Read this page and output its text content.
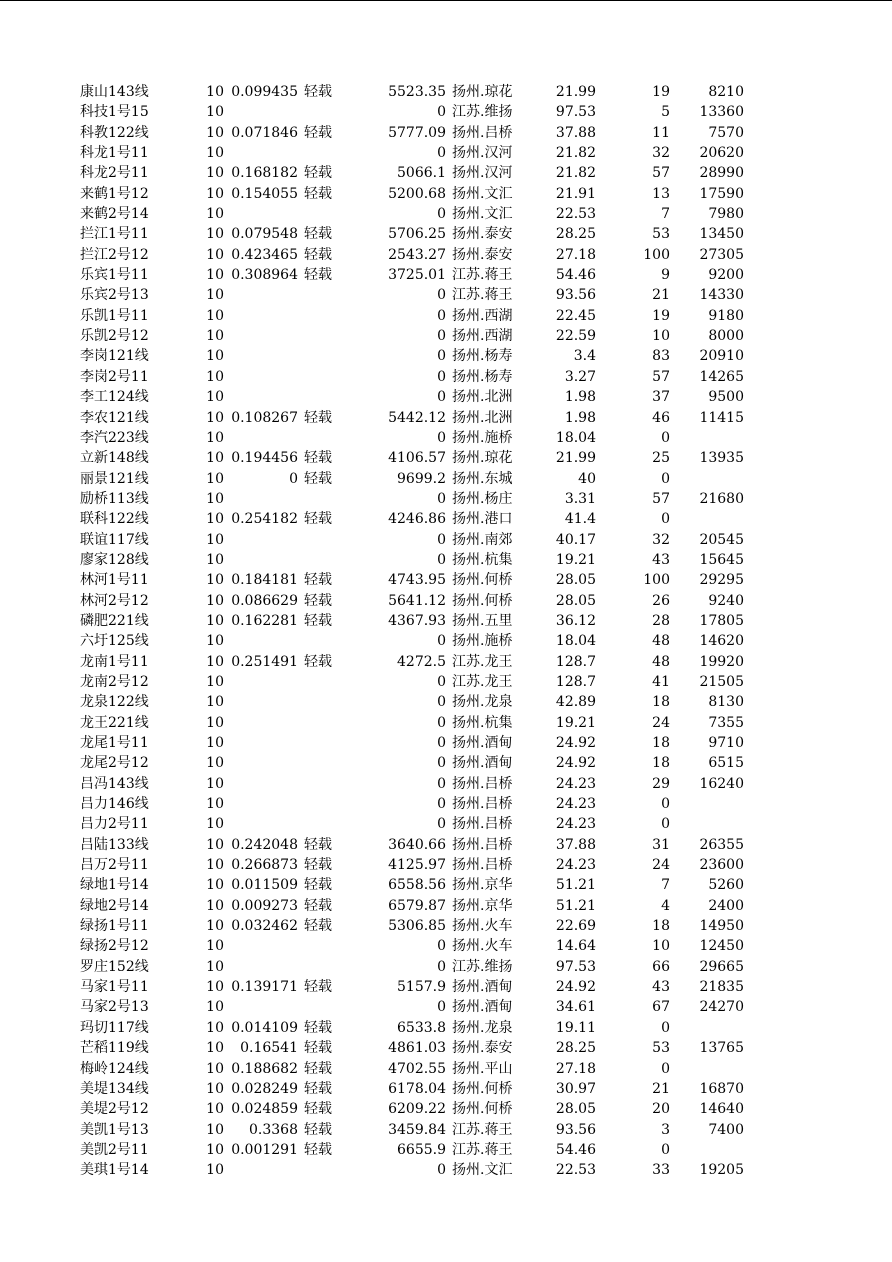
康山143线	10 0.099435 轻载	5523.35 扬州.琼花	21.99	19	8210
科技1号15	10	0 江苏.维扬	97.53	5	13360
科教122线	10 0.071846 轻载	5777.09 扬州.吕桥	37.88	11	7570
科龙1号11	10	0 扬州.汉河	21.82	32	20620
科龙2号11	10 0.168182 轻载	5066.1 扬州.汉河	21.82	57	28990
来鹤1号12	10 0.154055 轻载	5200.68 扬州.文汇	21.91	13	17590
来鹤2号14	10	0 扬州.文汇	22.53	7	7980
拦江1号11	10 0.079548 轻载	5706.25 扬州.泰安	28.25	53	13450
拦江2号12	10 0.423465 轻载	2543.27 扬州.泰安	27.18	100	27305
乐宾1号11	10 0.308964 轻载	3725.01 江苏.蒋王	54.46	9	9200
乐宾2号13	10	0 江苏.蒋王	93.56	21	14330
乐凯1号11	10	0 扬州.西湖	22.45	19	9180
乐凯2号12	10	0 扬州.西湖	22.59	10	8000
李岗121线	10	0 扬州.杨寿	3.4	83	20910
李岗2号11	10	0 扬州.杨寿	3.27	57	14265
李工124线	10	0 扬州.北洲	1.98	37	9500
李农121线	10 0.108267 轻载	5442.12 扬州.北洲	1.98	46	11415
李汽223线	10	0 扬州.施桥	18.04	0
立新148线	10 0.194456 轻载	4106.57 扬州.琼花	21.99	25	13935
丽景121线	10	0 轻载	9699.2 扬州.东城	40	0
励桥113线	10	0 扬州.杨庄	3.31	57	21680
联科122线	10 0.254182 轻载	4246.86 扬州.港口	41.4	0
联谊117线	10	0 扬州.南郊	40.17	32	20545
廖家128线	10	0 扬州.杭集	19.21	43	15645
林河1号11	10 0.184181 轻载	4743.95 扬州.何桥	28.05	100	29295
林河2号12	10 0.086629 轻载	5641.12 扬州.何桥	28.05	26	9240
磷肥221线	10 0.162281 轻载	4367.93 扬州.五里	36.12	28	17805
六圩125线	10	0 扬州.施桥	18.04	48	14620
龙南1号11	10 0.251491 轻载	4272.5 江苏.龙王	128.7	48	19920
龙南2号12	10	0 江苏.龙王	128.7	41	21505
龙泉122线	10	0 扬州.龙泉	42.89	18	8130
龙王221线	10	0 扬州.杭集	19.21	24	7355
龙尾1号11	10	0 扬州.酒甸	24.92	18	9710
龙尾2号12	10	0 扬州.酒甸	24.92	18	6515
吕冯143线	10	0 扬州.吕桥	24.23	29	16240
吕力146线	10	0 扬州.吕桥	24.23	0
吕力2号11	10	0 扬州.吕桥	24.23	0
吕陆133线	10 0.242048 轻载	3640.66 扬州.吕桥	37.88	31	26355
吕万2号11	10 0.266873 轻载	4125.97 扬州.吕桥	24.23	24	23600
绿地1号14	10 0.011509 轻载	6558.56 扬州.京华	51.21	7	5260
绿地2号14	10 0.009273 轻载	6579.87 扬州.京华	51.21	4	2400
绿扬1号11	10 0.032462 轻载	5306.85 扬州.火车	22.69	18	14950
绿扬2号12	10	0 扬州.火车	14.64	10	12450
罗庄152线	10	0 江苏.维扬	97.53	66	29665
马家1号11	10 0.139171 轻载	5157.9 扬州.酒甸	24.92	43	21835
马家2号13	10	0 扬州.酒甸	34.61	67	24270
玛切117线	10 0.014109 轻载	6533.8 扬州.龙泉	19.11	0
芒稻119线	10	0.16541 轻载	4861.03 扬州.泰安	28.25	53	13765
梅岭124线	10 0.188682 轻载	4702.55 扬州.平山	27.18	0
美堤134线	10 0.028249 轻载	6178.04 扬州.何桥	30.97	21	16870
美堤2号12	10 0.024859 轻载	6209.22 扬州.何桥	28.05	20	14640
美凯1号13	10	0.3368 轻载	3459.84 江苏.蒋王	93.56	3	7400
美凯2号11	10 0.001291 轻载	6655.9 江苏.蒋王	54.46	0
美琪1号14	10	0 扬州.文汇	22.53	33	19205
